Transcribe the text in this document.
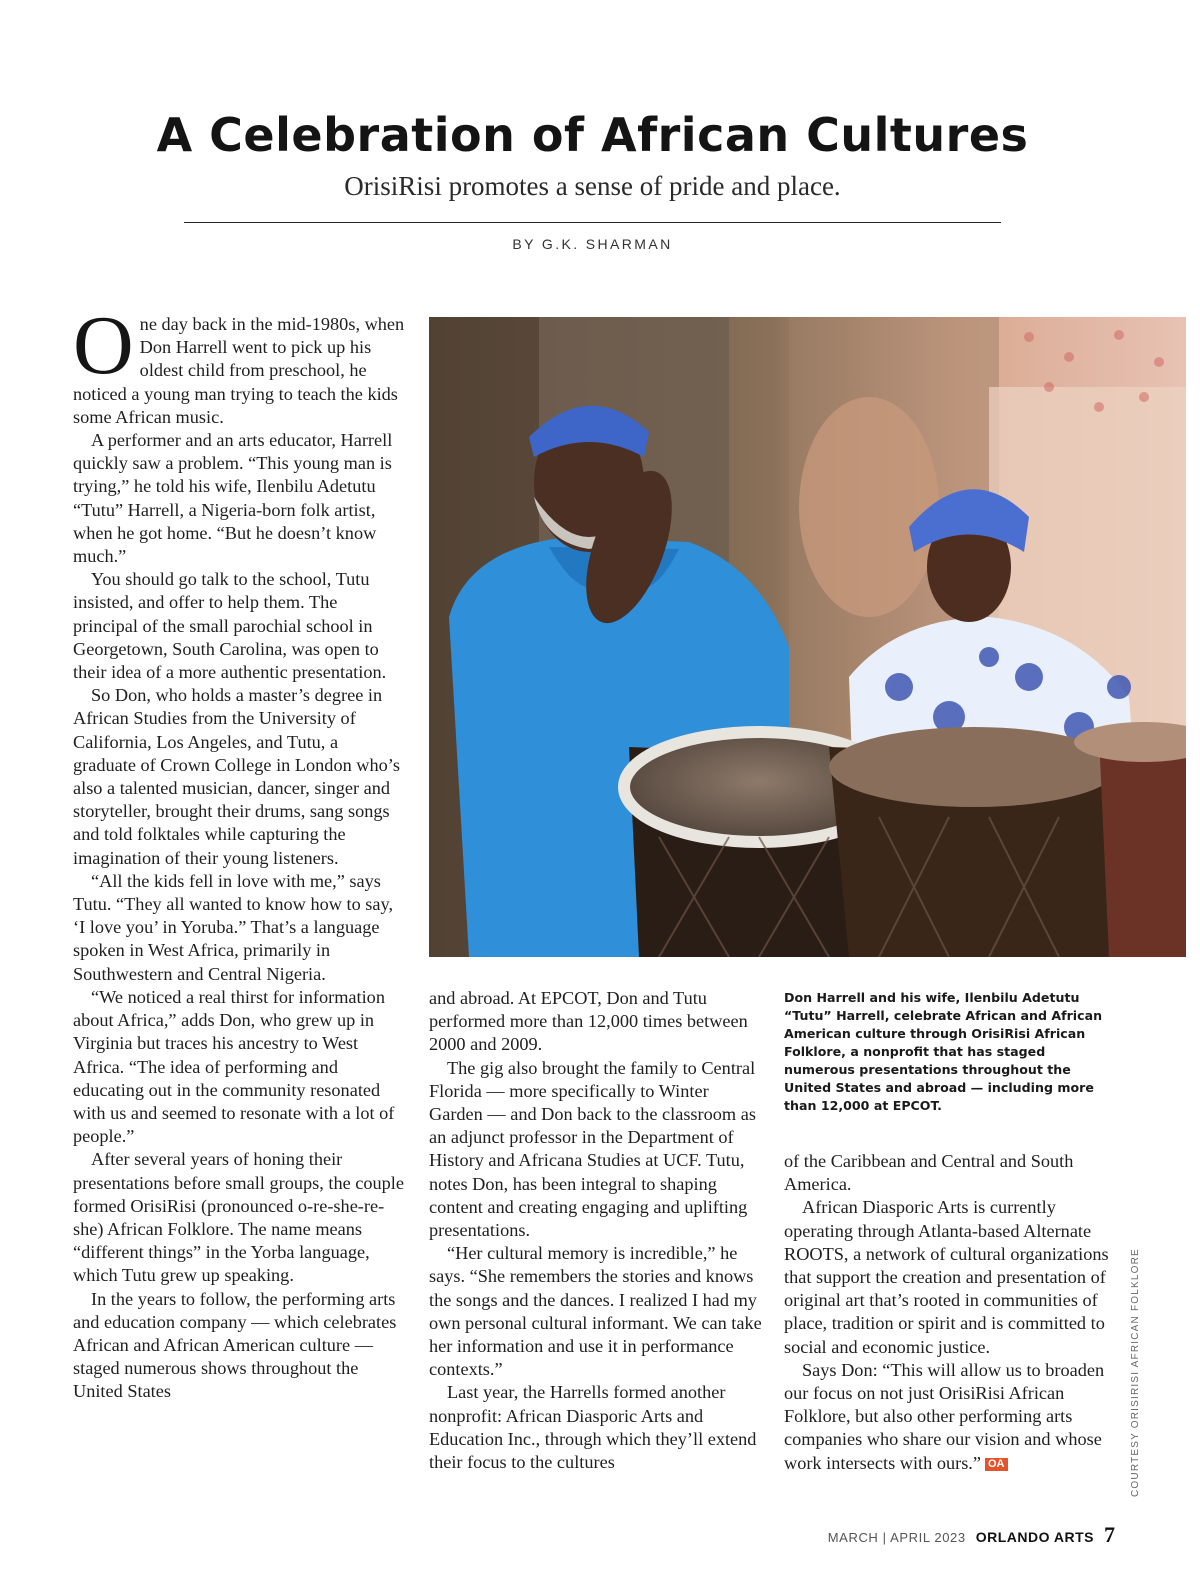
A Celebration of African Cultures
OrisiRisi promotes a sense of pride and place.
BY G.K. SHARMAN

One day back in the mid-1980s, when Don Harrell went to pick up his oldest child from preschool, he noticed a young man trying to teach the kids some African music.

A performer and an arts educator, Harrell quickly saw a problem. “This young man is trying,” he told his wife, Ilenbilu Adetutu “Tutu” Harrell, a Nigeria-born folk artist, when he got home. “But he doesn’t know much.”

You should go talk to the school, Tutu insisted, and offer to help them. The principal of the small parochial school in Georgetown, South Carolina, was open to their idea of a more authentic presentation.

So Don, who holds a master’s degree in African Studies from the University of California, Los Angeles, and Tutu, a graduate of Crown College in London who’s also a talented musician, dancer, singer and storyteller, brought their drums, sang songs and told folktales while capturing the imagination of their young listeners.

“All the kids fell in love with me,” says Tutu. “They all wanted to know how to say, ‘I love you’ in Yoruba.” That’s a language spoken in West Africa, primarily in Southwestern and Central Nigeria.

“We noticed a real thirst for information about Africa,” adds Don, who grew up in Virginia but traces his ancestry to West Africa. “The idea of performing and educating out in the community resonated with us and seemed to resonate with a lot of people.”

After several years of honing their presentations before small groups, the couple formed OrisiRisi (pronounced o-re-she-re-she) African Folklore. The name means “different things” in the Yorba language, which Tutu grew up speaking.

In the years to follow, the performing arts and education company — which celebrates African and African American culture — staged numerous shows throughout the United States

Don Harrell and his wife, Ilenbilu Adetutu “Tutu” Harrell, celebrate African and African American culture through OrisiRisi African Folklore, a nonprofit that has staged numerous presentations throughout the United States and abroad — including more than 12,000 at EPCOT.

and abroad. At EPCOT, Don and Tutu performed more than 12,000 times between 2000 and 2009.

The gig also brought the family to Central Florida — more specifically to Winter Garden — and Don back to the classroom as an adjunct professor in the Department of History and Africana Studies at UCF. Tutu, notes Don, has been integral to shaping content and creating engaging and uplifting presentations.

“Her cultural memory is incredible,” he says. “She remembers the stories and knows the songs and the dances. I realized I had my own personal cultural informant. We can take her information and use it in performance contexts.”

Last year, the Harrells formed another nonprofit: African Diasporic Arts and Education Inc., through which they’ll extend their focus to the cultures

of the Caribbean and Central and South America.

African Diasporic Arts is currently operating through Atlanta-based Alternate ROOTS, a network of cultural organizations that support the creation and presentation of original art that’s rooted in communities of place, tradition or spirit and is committed to social and economic justice.

Says Don: “This will allow us to broaden our focus on not just OrisiRisi African Folklore, but also other performing arts companies who share our vision and whose work intersects with ours.” OA	COURTESY ORISIRISI AFRICAN FOLKLORE
MARCH | APRIL 2023 ORLANDO ARTS 7
